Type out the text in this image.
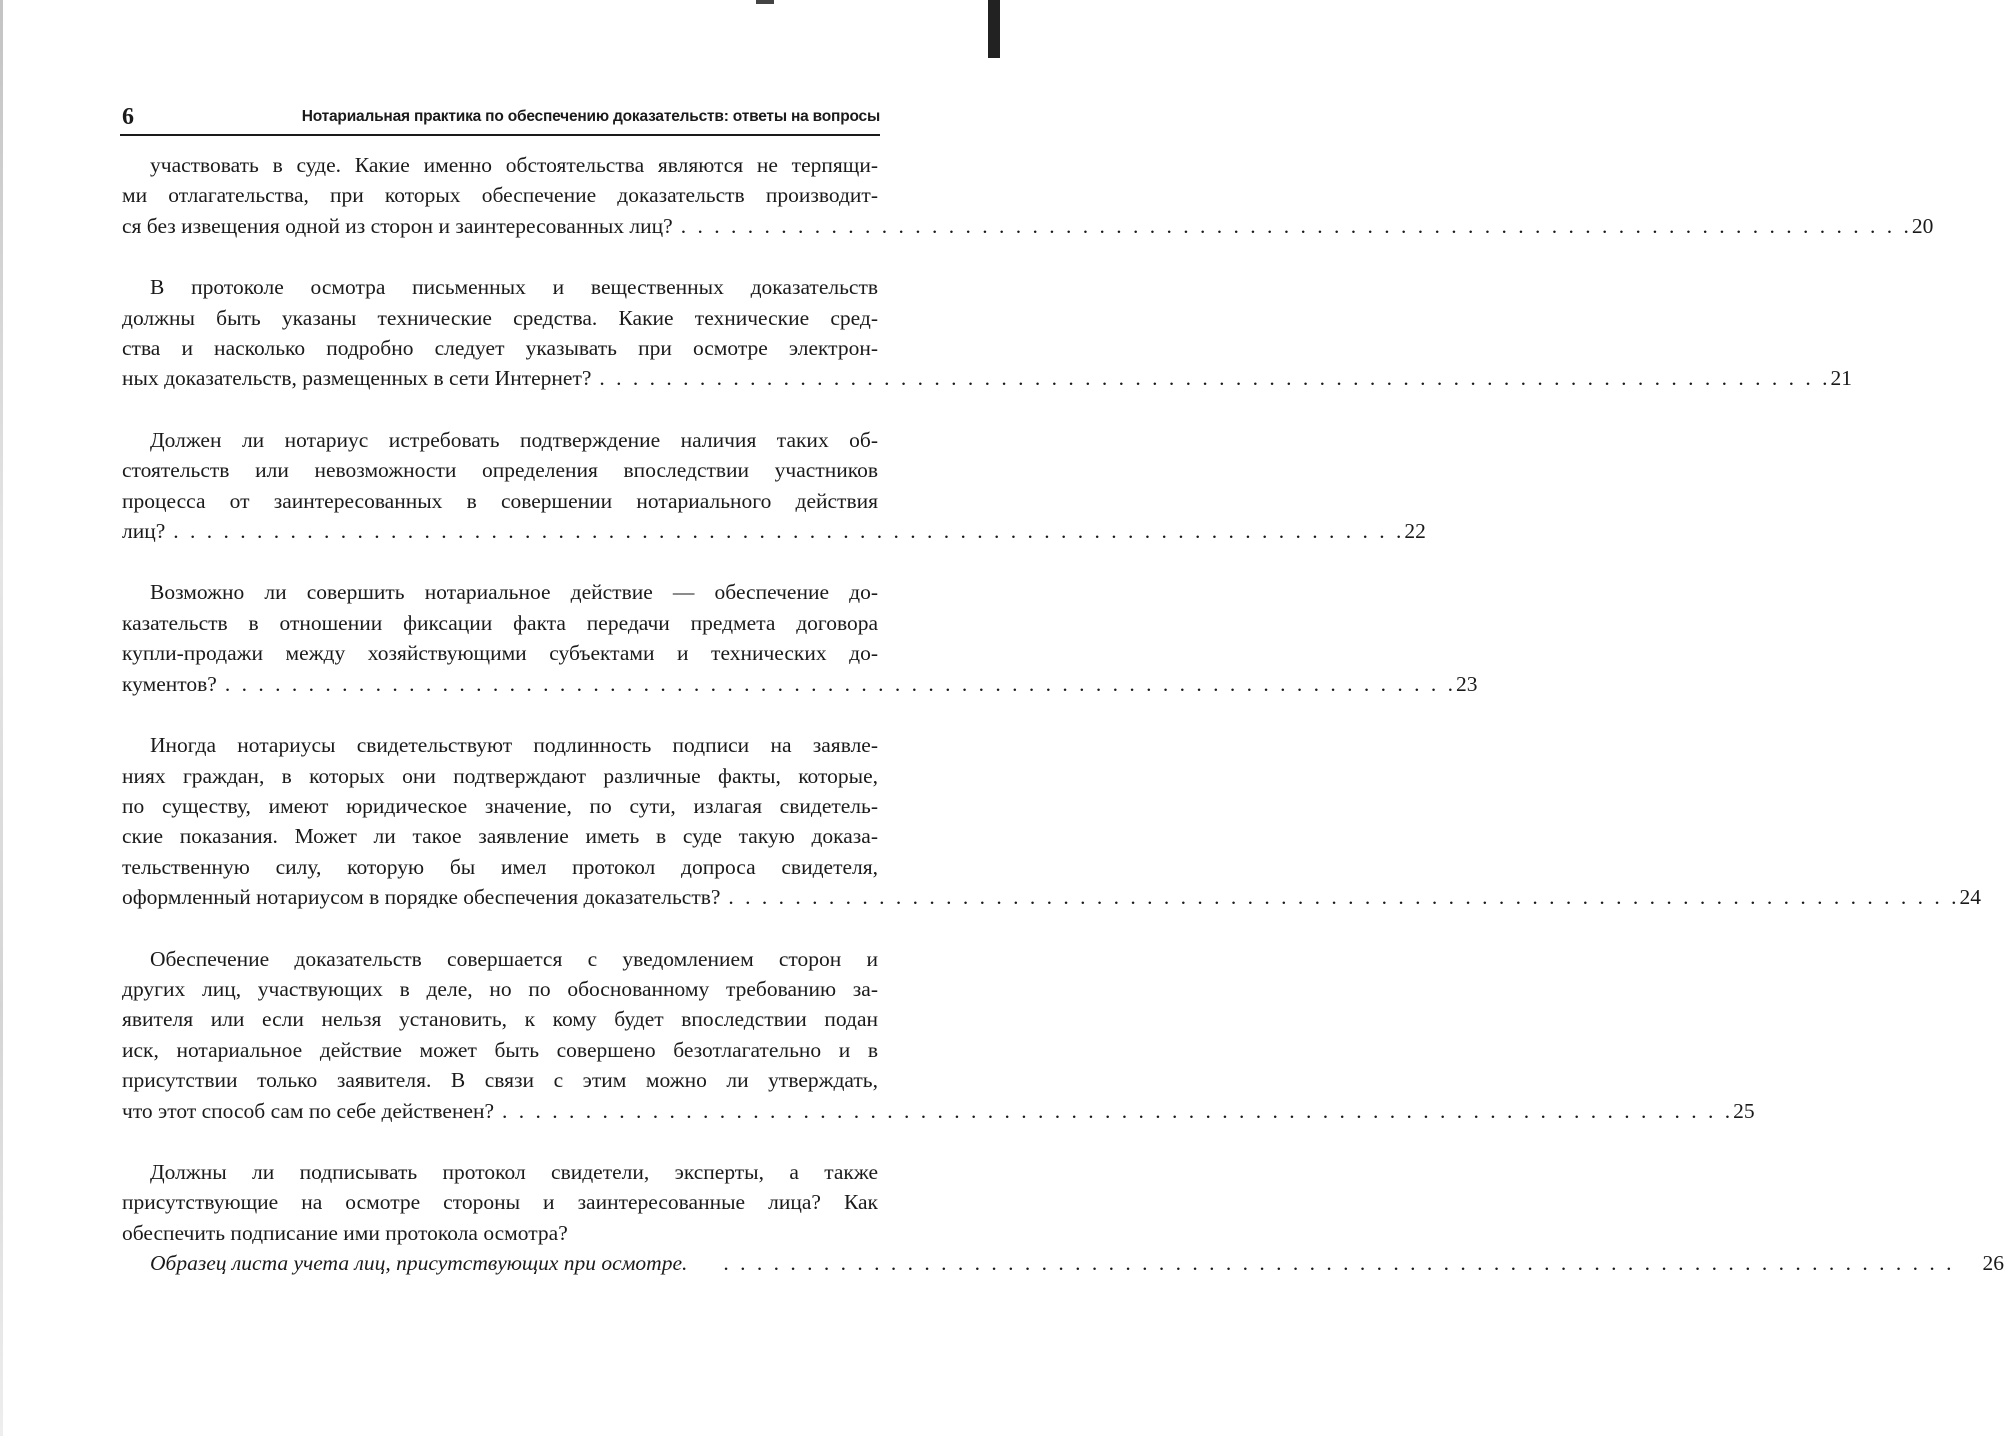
6	Нотариальная практика по обеспечению доказательств: ответы на вопросы
участвовать в суде. Какие именно обстоятельства являются не терпящи-
ми отлагательства, при которых обеспечение доказательств производит-
ся без извещения одной из сторон и заинтересованных лиц? . . . . . . . . . . . . . . . . . . . . . . . . . . . . . . . . . . . . . . . . . . . . . . . . . . . . . . . . . . . . . . . . . . . . . . . . . . 20
В протоколе осмотра письменных и вещественных доказательств
должны быть указаны технические средства. Какие технические сред-
ства и насколько подробно следует указывать при осмотре электрон-
ных доказательств, размещенных в сети Интернет? . . . . . . . . . . . . . . . . . . . . . . . . . . . . . . . . . . . . . . . . . . . . . . . . . . . . . . . . . . . . . . . . . . . . . . . . . . 21
Должен ли нотариус истребовать подтверждение наличия таких об-
стоятельств или невозможности определения впоследствии участников
процесса от заинтересованных в совершении нотариального действия
лиц? . . . . . . . . . . . . . . . . . . . . . . . . . . . . . . . . . . . . . . . . . . . . . . . . . . . . . . . . . . . . . . . . . . . . . . . . . . 22
Возможно ли совершить нотариальное действие — обеспечение до-
казательств в отношении фиксации факта передачи предмета договора
купли-продажи между хозяйствующими субъектами и технических до-
кументов? . . . . . . . . . . . . . . . . . . . . . . . . . . . . . . . . . . . . . . . . . . . . . . . . . . . . . . . . . . . . . . . . . . . . . . . . . . 23
Иногда нотариусы свидетельствуют подлинность подписи на заявле-
ниях граждан, в которых они подтверждают различные факты, которые,
по существу, имеют юридическое значение, по сути, излагая свидетель-
ские показания. Может ли такое заявление иметь в суде такую доказа-
тельственную силу, которую бы имел протокол допроса свидетеля,
оформленный нотариусом в порядке обеспечения доказательств? . . . . . . . . . . . . . . . . . . . . . . . . . . . . . . . . . . . . . . . . . . . . . . . . . . . . . . . . . . . . . . . . . . . . . . . . . . 24
Обеспечение доказательств совершается с уведомлением сторон и
других лиц, участвующих в деле, но по обоснованному требованию за-
явителя или если нельзя установить, к кому будет впоследствии подан
иск, нотариальное действие может быть совершено безотлагательно и в
присутствии только заявителя. В связи с этим можно ли утверждать,
что этот способ сам по себе действенен? . . . . . . . . . . . . . . . . . . . . . . . . . . . . . . . . . . . . . . . . . . . . . . . . . . . . . . . . . . . . . . . . . . . . . . . . . . 25
Должны ли подписывать протокол свидетели, эксперты, а также
присутствующие на осмотре стороны и заинтересованные лица? Как
обеспечить подписание ими протокола осмотра?
Образец листа учета лиц, присутствующих при осмотре.	. . . . . . . . . . . . . . . . . . . . . . . . . . . . . . . . . . . . . . . . . . . . . . . . . . . . . . . . . . . . . . . . . . . . . . . . . .	26
